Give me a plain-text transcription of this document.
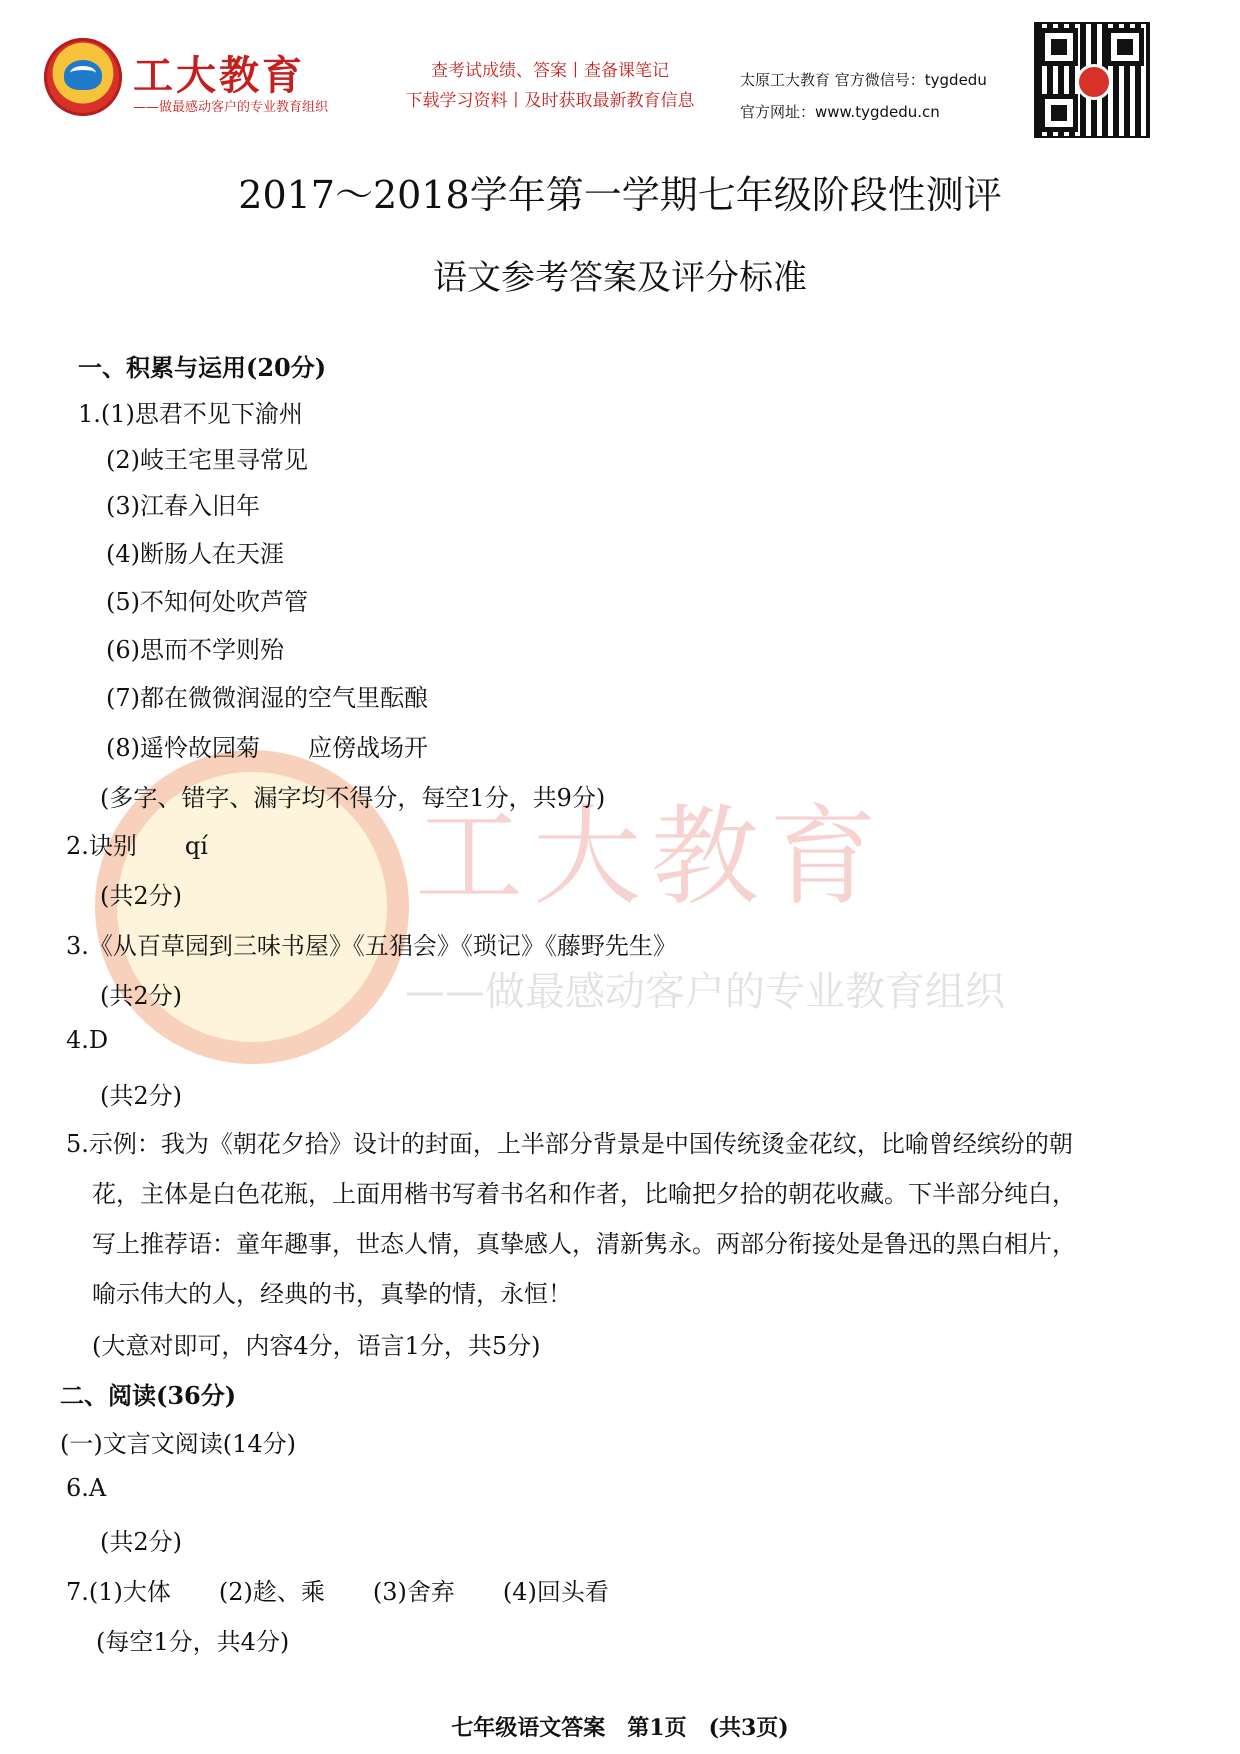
工大教育
——做最感动客户的专业教育组织
查考试成绩、答案丨查备课笔记
下载学习资料丨及时获取最新教育信息
太原工大教育 官方微信号：tygdedu
官方网址：www.tygdedu.cn
工大教育
——做最感动客户的专业教育组织
2017～2018学年第一学期七年级阶段性测评
语文参考答案及评分标准
一、积累与运用(20分)
1.(1)思君不见下渝州
(2)岐王宅里寻常见
(3)江春入旧年
(4)断肠人在天涯
(5)不知何处吹芦管
(6)思而不学则殆
(7)都在微微润湿的空气里酝酿
(8)遥怜故园菊　　应傍战场开
(多字、错字、漏字均不得分，每空1分，共9分)
2.诀别　　qí
(共2分)
3.《从百草园到三味书屋》《五猖会》《琐记》《藤野先生》
(共2分)
4.D
(共2分)
5.示例：我为《朝花夕拾》设计的封面，上半部分背景是中国传统烫金花纹，比喻曾经缤纷的朝
花，主体是白色花瓶，上面用楷书写着书名和作者，比喻把夕拾的朝花收藏。下半部分纯白，
写上推荐语：童年趣事，世态人情，真挚感人，清新隽永。两部分衔接处是鲁迅的黑白相片，
喻示伟大的人，经典的书，真挚的情，永恒！
(大意对即可，内容4分，语言1分，共5分)
二、阅读(36分)
(一)文言文阅读(14分)
6.A
(共2分)
7.(1)大体　　(2)趁、乘　　(3)舍弃　　(4)回头看
(每空1分，共4分)
七年级语文答案　第1页　(共3页)
